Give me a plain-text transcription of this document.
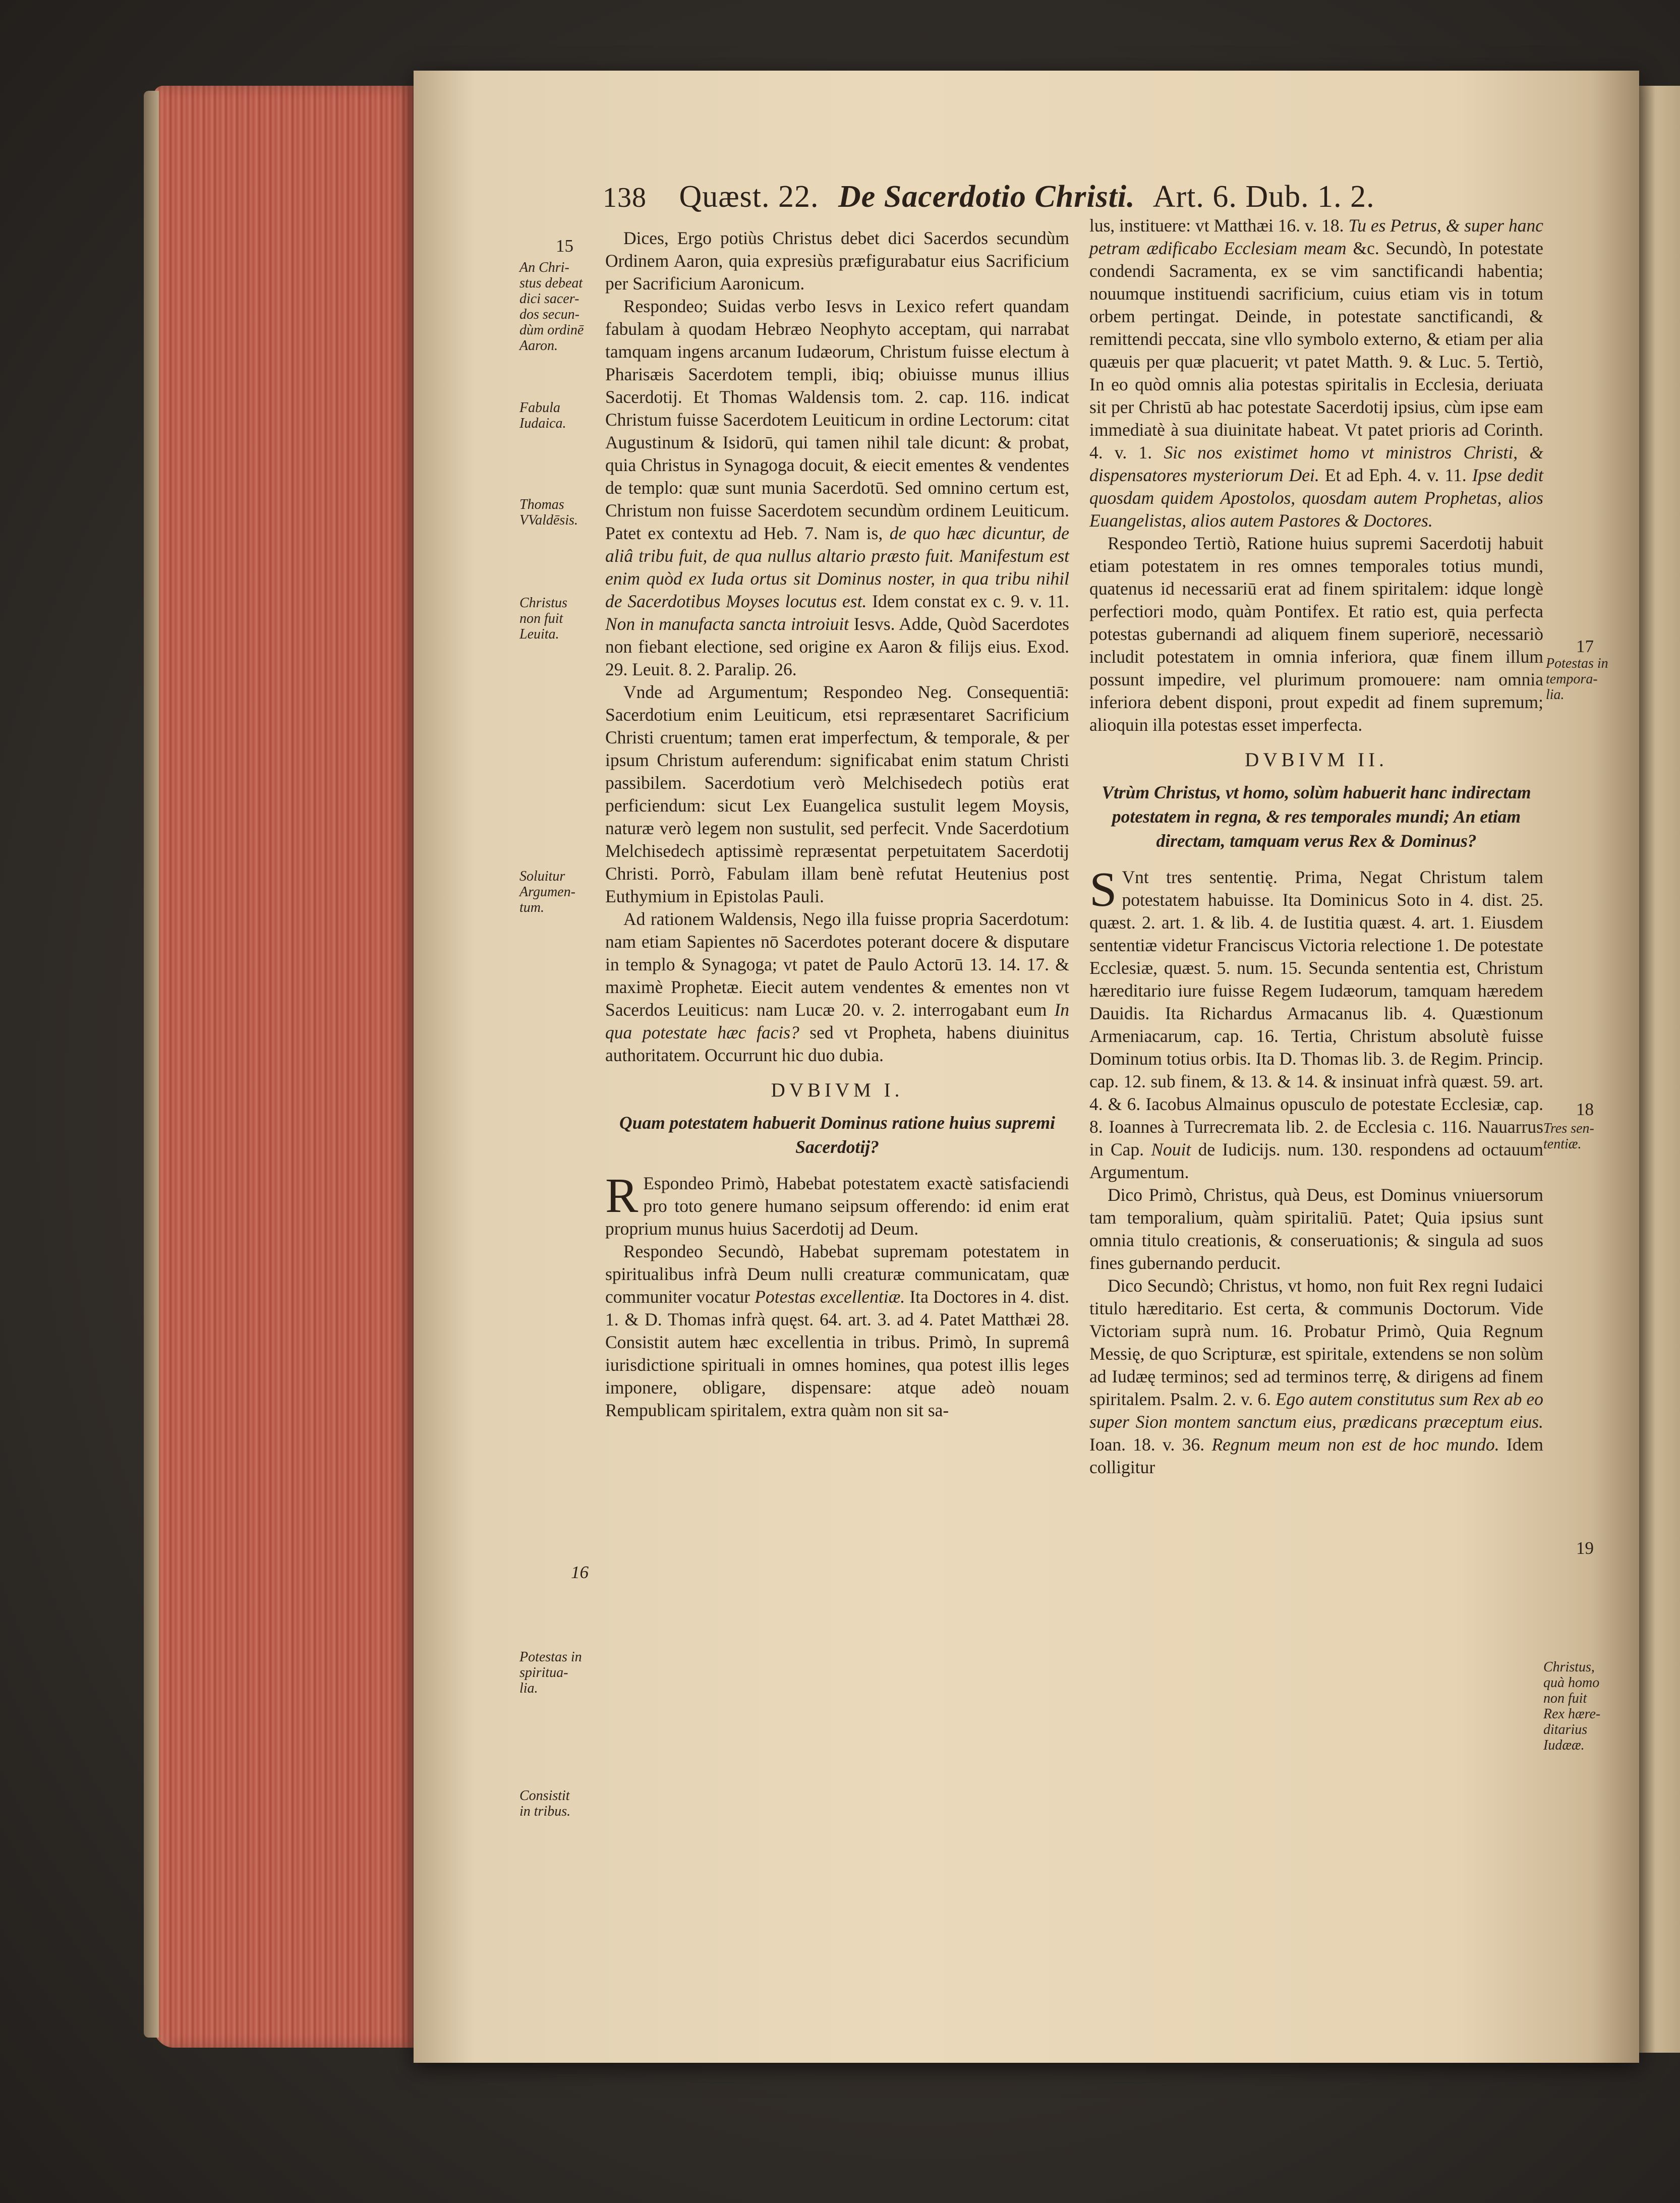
138 Quæst. 22. De Sacerdotio Christi. Art. 6. Dub. 1. 2.
15
An Chri-
stus debeat
dici sacer-
dos secun-
dùm ordinē
Aaron.
Fabula
Iudaica.
Thomas
VValdēsis.
Christus
non fuit
Leuita.
Soluitur
Argumen-
tum.
16
Potestas in
spiritua-
lia.
Consistit
in tribus.
17
Potestas in
tempora-
lia.
18
Tres sen-
tentiæ.
19
Christus,
quà homo
non fuit
Rex hære-
ditarius
Iudææ.

Dices, Ergo potiùs Christus debet dici Sacerdos secundùm Ordinem Aaron, quia expresiùs præfigurabatur eius Sacrificium per Sacrificium Aaronicum.

Respondeo; Suidas verbo Iesvs in Lexico refert quandam fabulam à quodam Hebræo Neophyto acceptam, qui narrabat tamquam ingens arcanum Iudæorum, Christum fuisse electum à Pharisæis Sacerdotem templi, ibiq; obiuisse munus illius Sacerdotij. Et Thomas Waldensis tom. 2. cap. 116. indicat Christum fuisse Sacerdotem Leuiticum in ordine Lectorum: citat Augustinum & Isidorū, qui tamen nihil tale dicunt: & probat, quia Christus in Synagoga docuit, & eiecit ementes & vendentes de templo: quæ sunt munia Sacerdotū. Sed omnino certum est, Christum non fuisse Sacerdotem secundùm ordinem Leuiticum. Patet ex contextu ad Heb. 7. Nam is, de quo hæc dicuntur, de aliâ tribu fuit, de qua nullus altario præsto fuit. Manifestum est enim quòd ex Iuda ortus sit Dominus noster, in qua tribu nihil de Sacerdotibus Moyses locutus est. Idem constat ex c. 9. v. 11. Non in manufacta sancta introiuit Iesvs. Adde, Quòd Sacerdotes non fiebant electione, sed origine ex Aaron & filijs eius. Exod. 29. Leuit. 8. 2. Paralip. 26.

Vnde ad Argumentum; Respondeo Neg. Consequentiā: Sacerdotium enim Leuiticum, etsi repræsentaret Sacrificium Christi cruentum; tamen erat imperfectum, & temporale, & per ipsum Christum auferendum: significabat enim statum Christi passibilem. Sacerdotium verò Melchisedech potiùs erat perficiendum: sicut Lex Euangelica sustulit legem Moysis, naturæ verò legem non sustulit, sed perfecit. Vnde Sacerdotium Melchisedech aptissimè repræsentat perpetuitatem Sacerdotij Christi. Porrò, Fabulam illam benè refutat Heutenius post Euthymium in Epistolas Pauli.

Ad rationem Waldensis, Nego illa fuisse propria Sacerdotum: nam etiam Sapientes nō Sacerdotes poterant docere & disputare in templo & Synagoga; vt patet de Paulo Actorū 13. 14. 17. & maximè Prophetæ. Eiecit autem vendentes & ementes non vt Sacerdos Leuiticus: nam Lucæ 20. v. 2. interrogabant eum In qua potestate hæc facis? sed vt Propheta, habens diuinitus authoritatem. Occurrunt hic duo dubia.

DVBIVM I.
Quam potestatem habuerit Dominus ratione huius supremi Sacerdotij?

R Espondeo Primò, Habebat potestatem exactè satisfaciendi pro toto genere humano seipsum offerendo: id enim erat proprium munus huius Sacerdotij ad Deum.

Respondeo Secundò, Habebat supremam potestatem in spiritualibus infrà Deum nulli creaturæ communicatam, quæ communiter vocatur Potestas excellentiæ. Ita Doctores in 4. dist. 1. & D. Thomas infrà quęst. 64. art. 3. ad 4. Patet Matthæi 28. Consistit autem hæc excellentia in tribus. Primò, In supremâ iurisdictione spirituali in omnes homines, qua potest illis leges imponere, obligare, dispensare: atque adeò nouam Rempublicam spiritalem, extra quàm non sit sa-

lus, instituere: vt Matthæi 16. v. 18. Tu es Petrus, & super hanc petram ædificabo Ecclesiam meam &c. Secundò, In potestate condendi Sacramenta, ex se vim sanctificandi habentia; nouumque instituendi sacrificium, cuius etiam vis in totum orbem pertingat. Deinde, in potestate sanctificandi, & remittendi peccata, sine vllo symbolo externo, & etiam per alia quæuis per quæ placuerit; vt patet Matth. 9. & Luc. 5. Tertiò, In eo quòd omnis alia potestas spiritalis in Ecclesia, deriuata sit per Christū ab hac potestate Sacerdotij ipsius, cùm ipse eam immediatè à sua diuinitate habeat. Vt patet prioris ad Corinth. 4. v. 1. Sic nos existimet homo vt ministros Christi, & dispensatores mysteriorum Dei. Et ad Eph. 4. v. 11. Ipse dedit quosdam quidem Apostolos, quosdam autem Prophetas, alios Euangelistas, alios autem Pastores & Doctores.

Respondeo Tertiò, Ratione huius supremi Sacerdotij habuit etiam potestatem in res omnes temporales totius mundi, quatenus id necessariū erat ad finem spiritalem: idque longè perfectiori modo, quàm Pontifex. Et ratio est, quia perfecta potestas gubernandi ad aliquem finem superiorē, necessariò includit potestatem in omnia inferiora, quæ finem illum possunt impedire, vel plurimum promouere: nam omnia inferiora debent disponi, prout expedit ad finem supremum; alioquin illa potestas esset imperfecta.

DVBIVM II.
Vtrùm Christus, vt homo, solùm habuerit hanc indirectam potestatem in regna, & res temporales mundi; An etiam directam, tamquam verus Rex & Dominus?

S Vnt tres sententię. Prima, Negat Christum talem potestatem habuisse. Ita Dominicus Soto in 4. dist. 25. quæst. 2. art. 1. & lib. 4. de Iustitia quæst. 4. art. 1. Eiusdem sententiæ videtur Franciscus Victoria relectione 1. De potestate Ecclesiæ, quæst. 5. num. 15. Secunda sententia est, Christum hæreditario iure fuisse Regem Iudæorum, tamquam hæredem Dauidis. Ita Richardus Armacanus lib. 4. Quæstionum Armeniacarum, cap. 16. Tertia, Christum absolutè fuisse Dominum totius orbis. Ita D. Thomas lib. 3. de Regim. Princip. cap. 12. sub finem, & 13. & 14. & insinuat infrà quæst. 59. art. 4. & 6. Iacobus Almainus opusculo de potestate Ecclesiæ, cap. 8. Ioannes à Turrecremata lib. 2. de Ecclesia c. 116. Nauarrus in Cap. Nouit de Iudicijs. num. 130. respondens ad octauum Argumentum.

Dico Primò, Christus, quà Deus, est Dominus vniuersorum tam temporalium, quàm spiritaliū. Patet; Quia ipsius sunt omnia titulo creationis, & conseruationis; & singula ad suos fines gubernando perducit.

Dico Secundò; Christus, vt homo, non fuit Rex regni Iudaici titulo hæreditario. Est certa, & communis Doctorum. Vide Victoriam suprà num. 16. Probatur Primò, Quia Regnum Messię, de quo Scripturæ, est spiritale, extendens se non solùm ad Iudæę terminos; sed ad terminos terrę, & dirigens ad finem spiritalem. Psalm. 2. v. 6. Ego autem constitutus sum Rex ab eo super Sion montem sanctum eius, prædicans præceptum eius. Ioan. 18. v. 36. Regnum meum non est de hoc mundo. Idem colligitur
